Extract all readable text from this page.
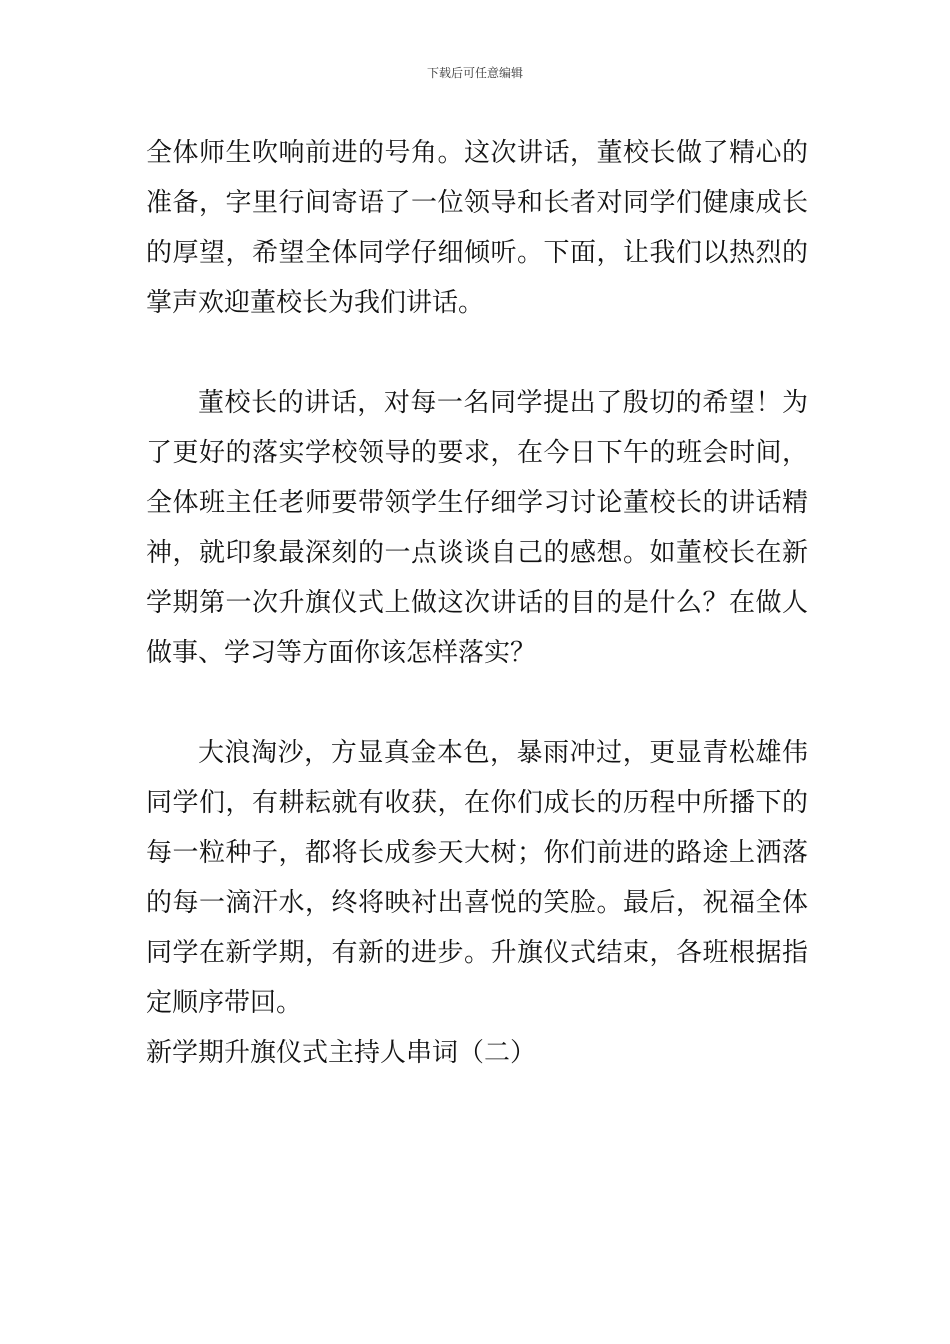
下载后可任意编辑

全体师生吹响前进的号角。这次讲话，董校长做了精心的准备，字里行间寄语了一位领导和长者对同学们健康成长的厚望，希望全体同学仔细倾听。下面，让我们以热烈的掌声欢迎董校长为我们讲话。

董校长的讲话，对每一名同学提出了殷切的希望！为了更好的落实学校领导的要求，在今日下午的班会时间，全体班主任老师要带领学生仔细学习讨论董校长的讲话精神，就印象最深刻的一点谈谈自己的感想。如董校长在新学期第一次升旗仪式上做这次讲话的目的是什么？在做人做事、学习等方面你该怎样落实？

大浪淘沙，方显真金本色，暴雨冲过，更显青松雄伟同学们，有耕耘就有收获，在你们成长的历程中所播下的每一粒种子，都将长成参天大树；你们前进的路途上洒落的每一滴汗水，终将映衬出喜悦的笑脸。最后，祝福全体同学在新学期，有新的进步。升旗仪式结束，各班根据指定顺序带回。

新学期升旗仪式主持人串词（二）
